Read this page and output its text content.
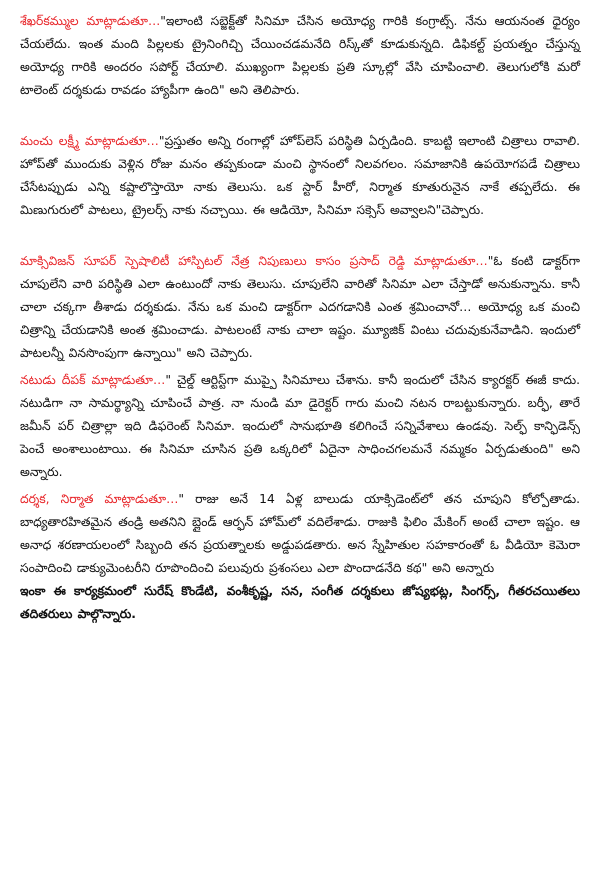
శేఖర్‌కమ్ముల మాట్లాడుతూ…"ఇలాంటి సబ్జెక్ట్‌తో సినిమా చేసిన అయోధ్య గారికి కంగ్రాట్స్‌. నేను ఆయనంత ధైర్యం చేయలేదు. ఇంత మంది పిల్లలకు ట్రైనింగిచ్చి చేయించడమనేది రిస్క్‌తో కూడుకున్నది. డిఫికల్ట్‌ ప్రయత్నం చేస్తున్న అయోధ్య గారికి అందరం సపోర్ట్‌ చేయాలి. ముఖ్యంగా పిల్లలకు ప్రతి స్కూల్లో వేసి చూపించాలి. తెలుగులోకి మరో టాలెంట్‌ దర్శకుడు రావడం హ్యాపీగా ఉంది" అని తెలిపారు.

మంచు లక్ష్మీ మాట్లాడుతూ…"ప్రస్తుతం అన్ని రంగాల్లో హోప్‌లెస్‌ పరిస్థితి ఏర్పడింది. కాబట్టి ఇలాంటి చిత్రాలు రావాలి. హోప్‌తో ముందుకు వెళ్లిన రోజు మనం తప్పకుండా మంచి స్థానంలో నిలవగలం. సమాజానికి ఉపయోగపడే చిత్రాలు చేసేటప్పుడు ఎన్ని కష్టాలొస్తాయో నాకు తెలుసు. ఒక స్టార్‌ హీరో, నిర్మాత కూతురునైన నాకే తప్పలేదు. ఈ మిణుగురులో పాటలు, ట్రైలర్స్‌ నాకు నచ్చాయి. ఈ ఆడియో, సినిమా సక్సెస్‌ అవ్వాలని"చెప్పారు.

మాక్సివిజన్‌ సూపర్‌ స్పెషాలిటీ హాస్పిటల్‌ నేత్ర నిపుణులు కాసం ప్రసాద్‌ రెడ్డి మాట్లాడుతూ…"ఓ కంటి డాక్టర్‌గా చూపులేని వారి పరిస్థితి ఎలా ఉంటుందో నాకు తెలుసు. చూపులేని వారితో సినిమా ఎలా చేస్తాడో అనుకున్నాను. కానీ చాలా చక్కగా తీశాడు దర్శకుడు. నేను ఒక మంచి డాక్టర్‌గా ఎదగడానికి ఎంత శ్రమించానో… అయోధ్య ఒక మంచి చిత్రాన్ని చేయడానికి అంత శ్రమించాడు. పాటలంటే నాకు చాలా ఇష్టం. మ్యూజిక్‌ వింటు చదువుకునేవాడిని. ఇందులో పాటలన్నీ వినసొంపుగా ఉన్నాయి" అని చెప్పారు.

నటుడు దీపక్‌ మాట్లాడుతూ…" చైల్డ్‌ ఆర్టిస్ట్‌గా ముప్పై సినిమాలు చేశాను. కానీ ఇందులో చేసిన క్యారక్టర్‌ ఈజీ కాదు. నటుడిగా నా సామర్థ్యాన్ని చూపించే పాత్ర. నా నుండి మా డైరెక్టర్‌ గారు మంచి నటన రాబట్టుకున్నారు. బర్ఫీ, తారే జమీన్‌ పర్‌ చిత్రాల్లా ఇది డిఫరెంట్‌ సినిమా. ఇందులో సానుభూతి కలిగించే సన్నివేశాలు ఉండవు. సెల్ఫ్‌ కాన్ఫిడెన్స్‌ పెంచే అంశాలుంటాయి. ఈ సినిమా చూసిన ప్రతి ఒక్కరిలో ఏదైనా సాధించగలమనే నమ్మకం ఏర్పడుతుంది" అని అన్నారు.

దర్శక, నిర్మాత మాట్లాడుతూ…" రాజు అనే 14 ఏళ్ల బాలుడు యాక్సిడెంట్‌లో తన చూపుని కోల్పోతాడు. బాధ్యతారహితమైన తండ్రి అతనిని బ్లైండ్‌ ఆర్ఫన్‌ హోమ్‌లో వదిలేశాడు. రాజుకి ఫిలిం మేకింగ్‌ అంటే చాలా ఇష్టం. ఆ అనాధ శరణాయలంలో సిబ్బంది తన ప్రయత్నాలకు అడ్డుపడతారు. అన స్నేహితుల సహకారంతో ఓ వీడియో కెమెరా సంపాదించి డాక్యుమెంటరీని రూపొందించి పలువురు ప్రశంసలు ఎలా పొందాడనేది కథ" అని అన్నారు

ఇంకా ఈ కార్యక్రమంలో సురేష్‌ కొండేటి, వంశీకృష్ణ, సన, సంగీత దర్శకులు జోష్యభట్ల, సింగర్స్‌, గీతరచయితలు తదితరులు పాల్గొన్నారు.
